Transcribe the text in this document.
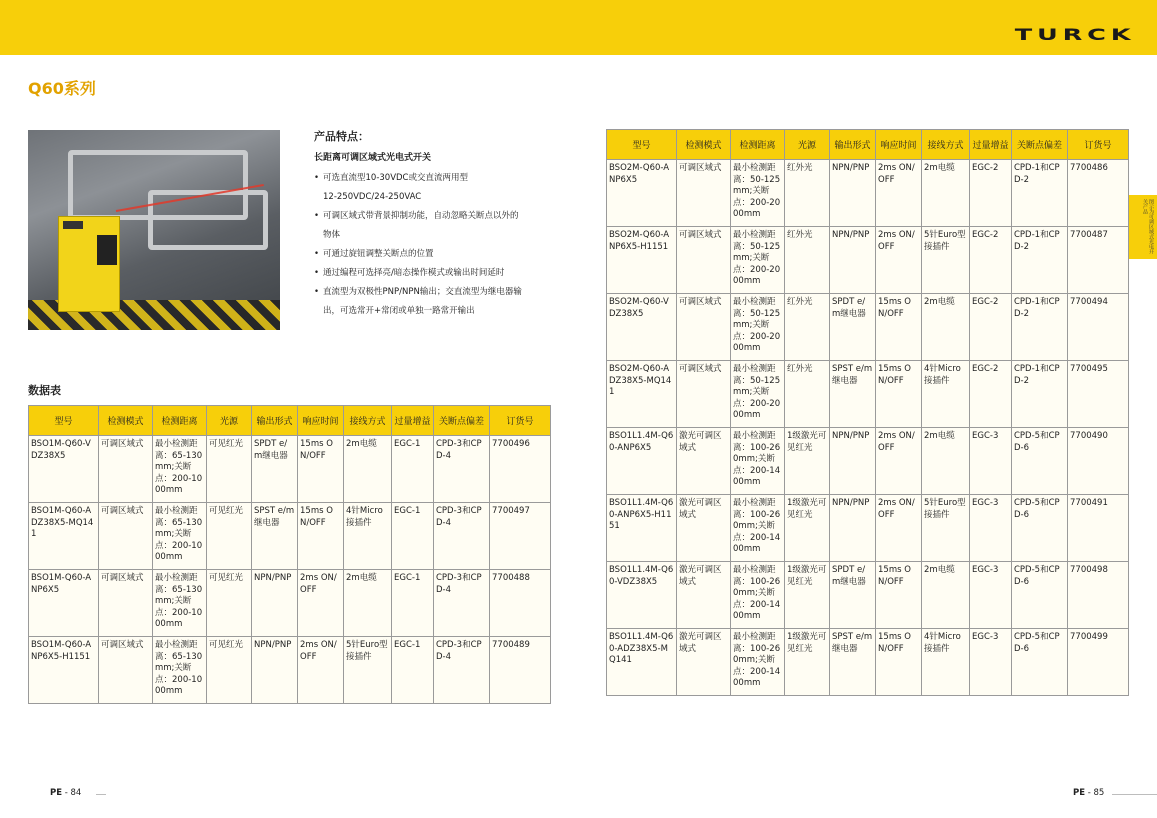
TURCK
Q60系列
产品特点：
长距离可调区域式光电式开关
• 可选直流型10-30VDC或交直流两用型
12-250VDC/24-250VAC
• 可调区域式带背景抑制功能，自动忽略关断点以外的
物体
• 可通过旋钮调整关断点的位置
• 通过编程可选择亮/暗态操作模式或输出时间延时
• 直流型为双极性PNP/NPN输出；交直流型为继电器输
出，可选常开+常闭或单独一路常开输出
数据表
型号	检测模式	检测距离	光源	输出形式	响应时间	接线方式	过量增益	关断点偏差	订货号
BSO1M-Q60-VDZ38X5	可调区域式	最小检测距离：65-130mm;关断点：200-1000mm	可见红光	SPDT e/m继电器	15ms ON/OFF	2m电缆	EGC-1	CPD-3和CPD-4	7700496
BSO1M-Q60-ADZ38X5-MQ141	可调区域式	最小检测距离：65-130mm;关断点：200-1000mm	可见红光	SPST e/m继电器	15ms ON/OFF	4针Micro接插件	EGC-1	CPD-3和CPD-4	7700497
BSO1M-Q60-ANP6X5	可调区域式	最小检测距离：65-130mm;关断点：200-1000mm	可见红光	NPN/PNP	2ms ON/OFF	2m电缆	EGC-1	CPD-3和CPD-4	7700488
BSO1M-Q60-ANP6X5-H1151	可调区域式	最小检测距离：65-130mm;关断点：200-1000mm	可见红光	NPN/PNP	2ms ON/OFF	5针Euro型接插件	EGC-1	CPD-3和CPD-4	7700489
型号	检测模式	检测距离	光源	输出形式	响应时间	接线方式	过量增益	关断点偏差	订货号
BSO2M-Q60-ANP6X5	可调区域式	最小检测距离：50-125mm;关断点：200-2000mm	红外光	NPN/PNP	2ms ON/OFF	2m电缆	EGC-2	CPD-1和CPD-2	7700486
BSO2M-Q60-ANP6X5-H1151	可调区域式	最小检测距离：50-125mm;关断点：200-2000mm	红外光	NPN/PNP	2ms ON/OFF	5针Euro型接插件	EGC-2	CPD-1和CPD-2	7700487
BSO2M-Q60-VDZ38X5	可调区域式	最小检测距离：50-125mm;关断点：200-2000mm	红外光	SPDT e/m继电器	15ms ON/OFF	2m电缆	EGC-2	CPD-1和CPD-2	7700494
BSO2M-Q60-ADZ38X5-MQ141	可调区域式	最小检测距离：50-125mm;关断点：200-2000mm	红外光	SPST e/m继电器	15ms ON/OFF	4针Micro接插件	EGC-2	CPD-1和CPD-2	7700495
BSO1L1.4M-Q60-ANP6X5	激光可调区域式	最小检测距离：100-260mm;关断点：200-1400mm	1级激光可见红光	NPN/PNP	2ms ON/OFF	2m电缆	EGC-3	CPD-5和CPD-6	7700490
BSO1L1.4M-Q60-ANP6X5-H1151	激光可调区域式	最小检测距离：100-260mm;关断点：200-1400mm	1级激光可见红光	NPN/PNP	2ms ON/OFF	5针Euro型接插件	EGC-3	CPD-5和CPD-6	7700491
BSO1L1.4M-Q60-VDZ38X5	激光可调区域式	最小检测距离：100-260mm;关断点：200-1400mm	1级激光可见红光	SPDT e/m继电器	15ms ON/OFF	2m电缆	EGC-3	CPD-5和CPD-6	7700498
BSO1L1.4M-Q60-ADZ38X5-MQ141	激光可调区域式	最小检测距离：100-260mm;关断点：200-1400mm	1级激光可见红光	SPST e/m继电器	15ms ON/OFF	4针Micro接插件	EGC-3	CPD-5和CPD-6	7700499
图示为可调区域式光电开关产品
PE - 84	PE - 85
